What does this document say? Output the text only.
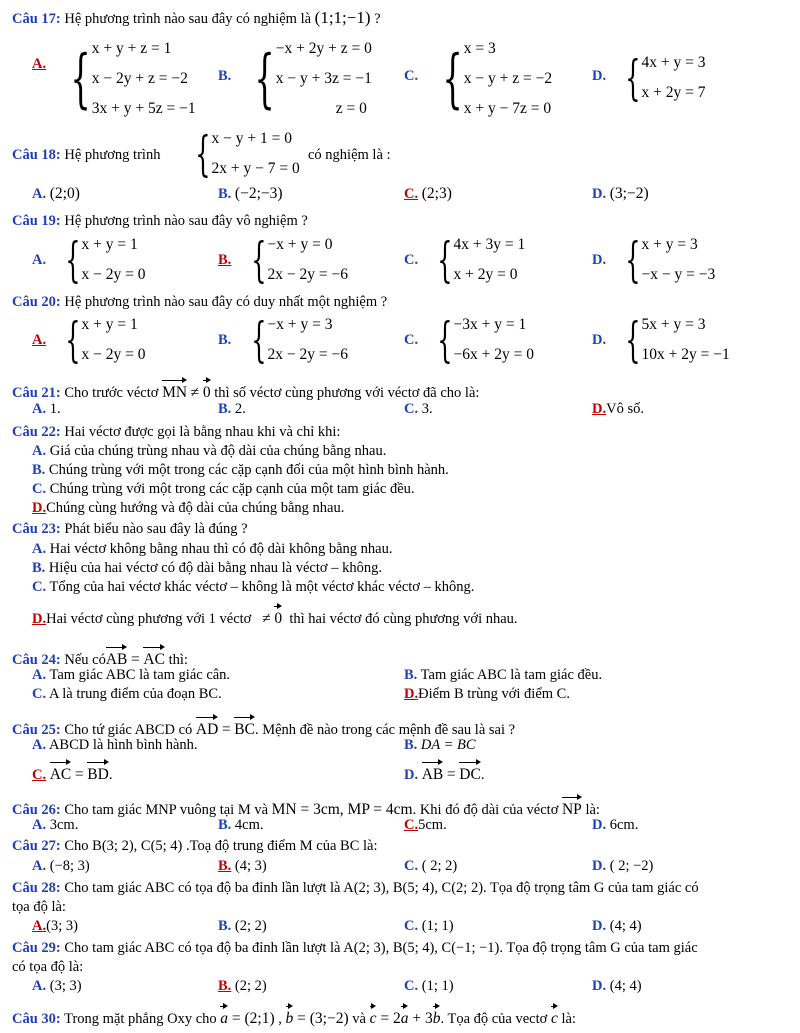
Câu 17: Hệ phương trình nào sau đây có nghiệm là (1;1;−1) ?
A. { x + y + z = 1
x − 2y + z = −2
3x + y + 5z = −1
B. { −x + 2y + z = 0
x − y + 3z = −1
z = 0
C. { x = 3
x − y + z = −2
x + y − 7z = 0
D. { 4x + y = 3
x + 2y = 7
Câu 18: Hệ phương trình { x − y + 1 = 0
2x + y − 7 = 0
có nghiệm là :
A. (2;0)	B. (−2;−3)	C. (2;3)	D. (3;−2)
Câu 19: Hệ phương trình nào sau đây vô nghiệm ?
A. { x + y = 1
x − 2y = 0
B. { −x + y = 0
2x − 2y = −6
C. { 4x + 3y = 1
x + 2y = 0
D. { x + y = 3
−x − y = −3
Câu 20: Hệ phương trình nào sau đây có duy nhất một nghiệm ?
A. { x + y = 1
x − 2y = 0
B. { −x + y = 3
2x − 2y = −6
C. { −3x + y = 1
−6x + 2y = 0
D. { 5x + y = 3
10x + 2y = −1
Câu 21: Cho trước véctơ MN ≠ 0 thì số véctơ cùng phương với véctơ đã cho là:
A. 1.	B. 2.	C. 3.	D.Vô số.
Câu 22: Hai véctơ được gọi là bằng nhau khi và chỉ khi:
A. Giá của chúng trùng nhau và độ dài của chúng bằng nhau.
B. Chúng trùng với một trong các cặp cạnh đối của một hình bình hành.
C. Chúng trùng với một trong các cặp cạnh của một tam giác đều.
D.Chúng cùng hướng và độ dài của chúng bằng nhau.
Câu 23: Phát biểu nào sau đây là đúng ?
A. Hai véctơ không bằng nhau thì có độ dài không bằng nhau.
B. Hiệu của hai véctơ có độ dài bằng nhau là véctơ – không.
C. Tổng của hai véctơ khác véctơ – không là một véctơ khác véctơ – không.
D.Hai véctơ cùng phương với 1 véctơ ≠ 0 thì hai véctơ đó cùng phương với nhau.
Câu 24: Nếu cóAB = AC thì:
A. Tam giác ABC là tam giác cân.	B. Tam giác ABC là tam giác đều.
C. A là trung điểm của đoạn BC.	D.Điểm B trùng với điểm C.
Câu 25: Cho tứ giác ABCD có AD = BC. Mệnh đề nào trong các mệnh đề sau là sai ?
A. ABCD là hình bình hành.	B. DA = BC
C. AC = BD.	D. AB = DC.
Câu 26: Cho tam giác MNP vuông tại M và MN = 3cm, MP = 4cm. Khi đó độ dài của véctơ NP là:
A. 3cm.	B. 4cm.	C.5cm.	D. 6cm.
Câu 27: Cho B(3; 2), C(5; 4) .Toạ độ trung điểm M của BC là:
A. (−8; 3)	B. (4; 3)	C. ( 2; 2)	D. ( 2; −2)
Câu 28: Cho tam giác ABC có tọa độ ba đỉnh lần lượt là A(2; 3), B(5; 4), C(2; 2). Tọa độ trọng tâm G của tam giác có
tọa độ là:
A.(3; 3)	B. (2; 2)	C. (1; 1)	D. (4; 4)
Câu 29: Cho tam giác ABC có tọa độ ba đỉnh lần lượt là A(2; 3), B(5; 4), C(−1; −1). Tọa độ trọng tâm G của tam giác
có tọa độ là:
A. (3; 3)	B. (2; 2)	C. (1; 1)	D. (4; 4)
Câu 30: Trong mặt phẳng Oxy cho a = (2;1) , b = (3;−2) và c = 2a + 3b. Tọa độ của vectơ c là:
